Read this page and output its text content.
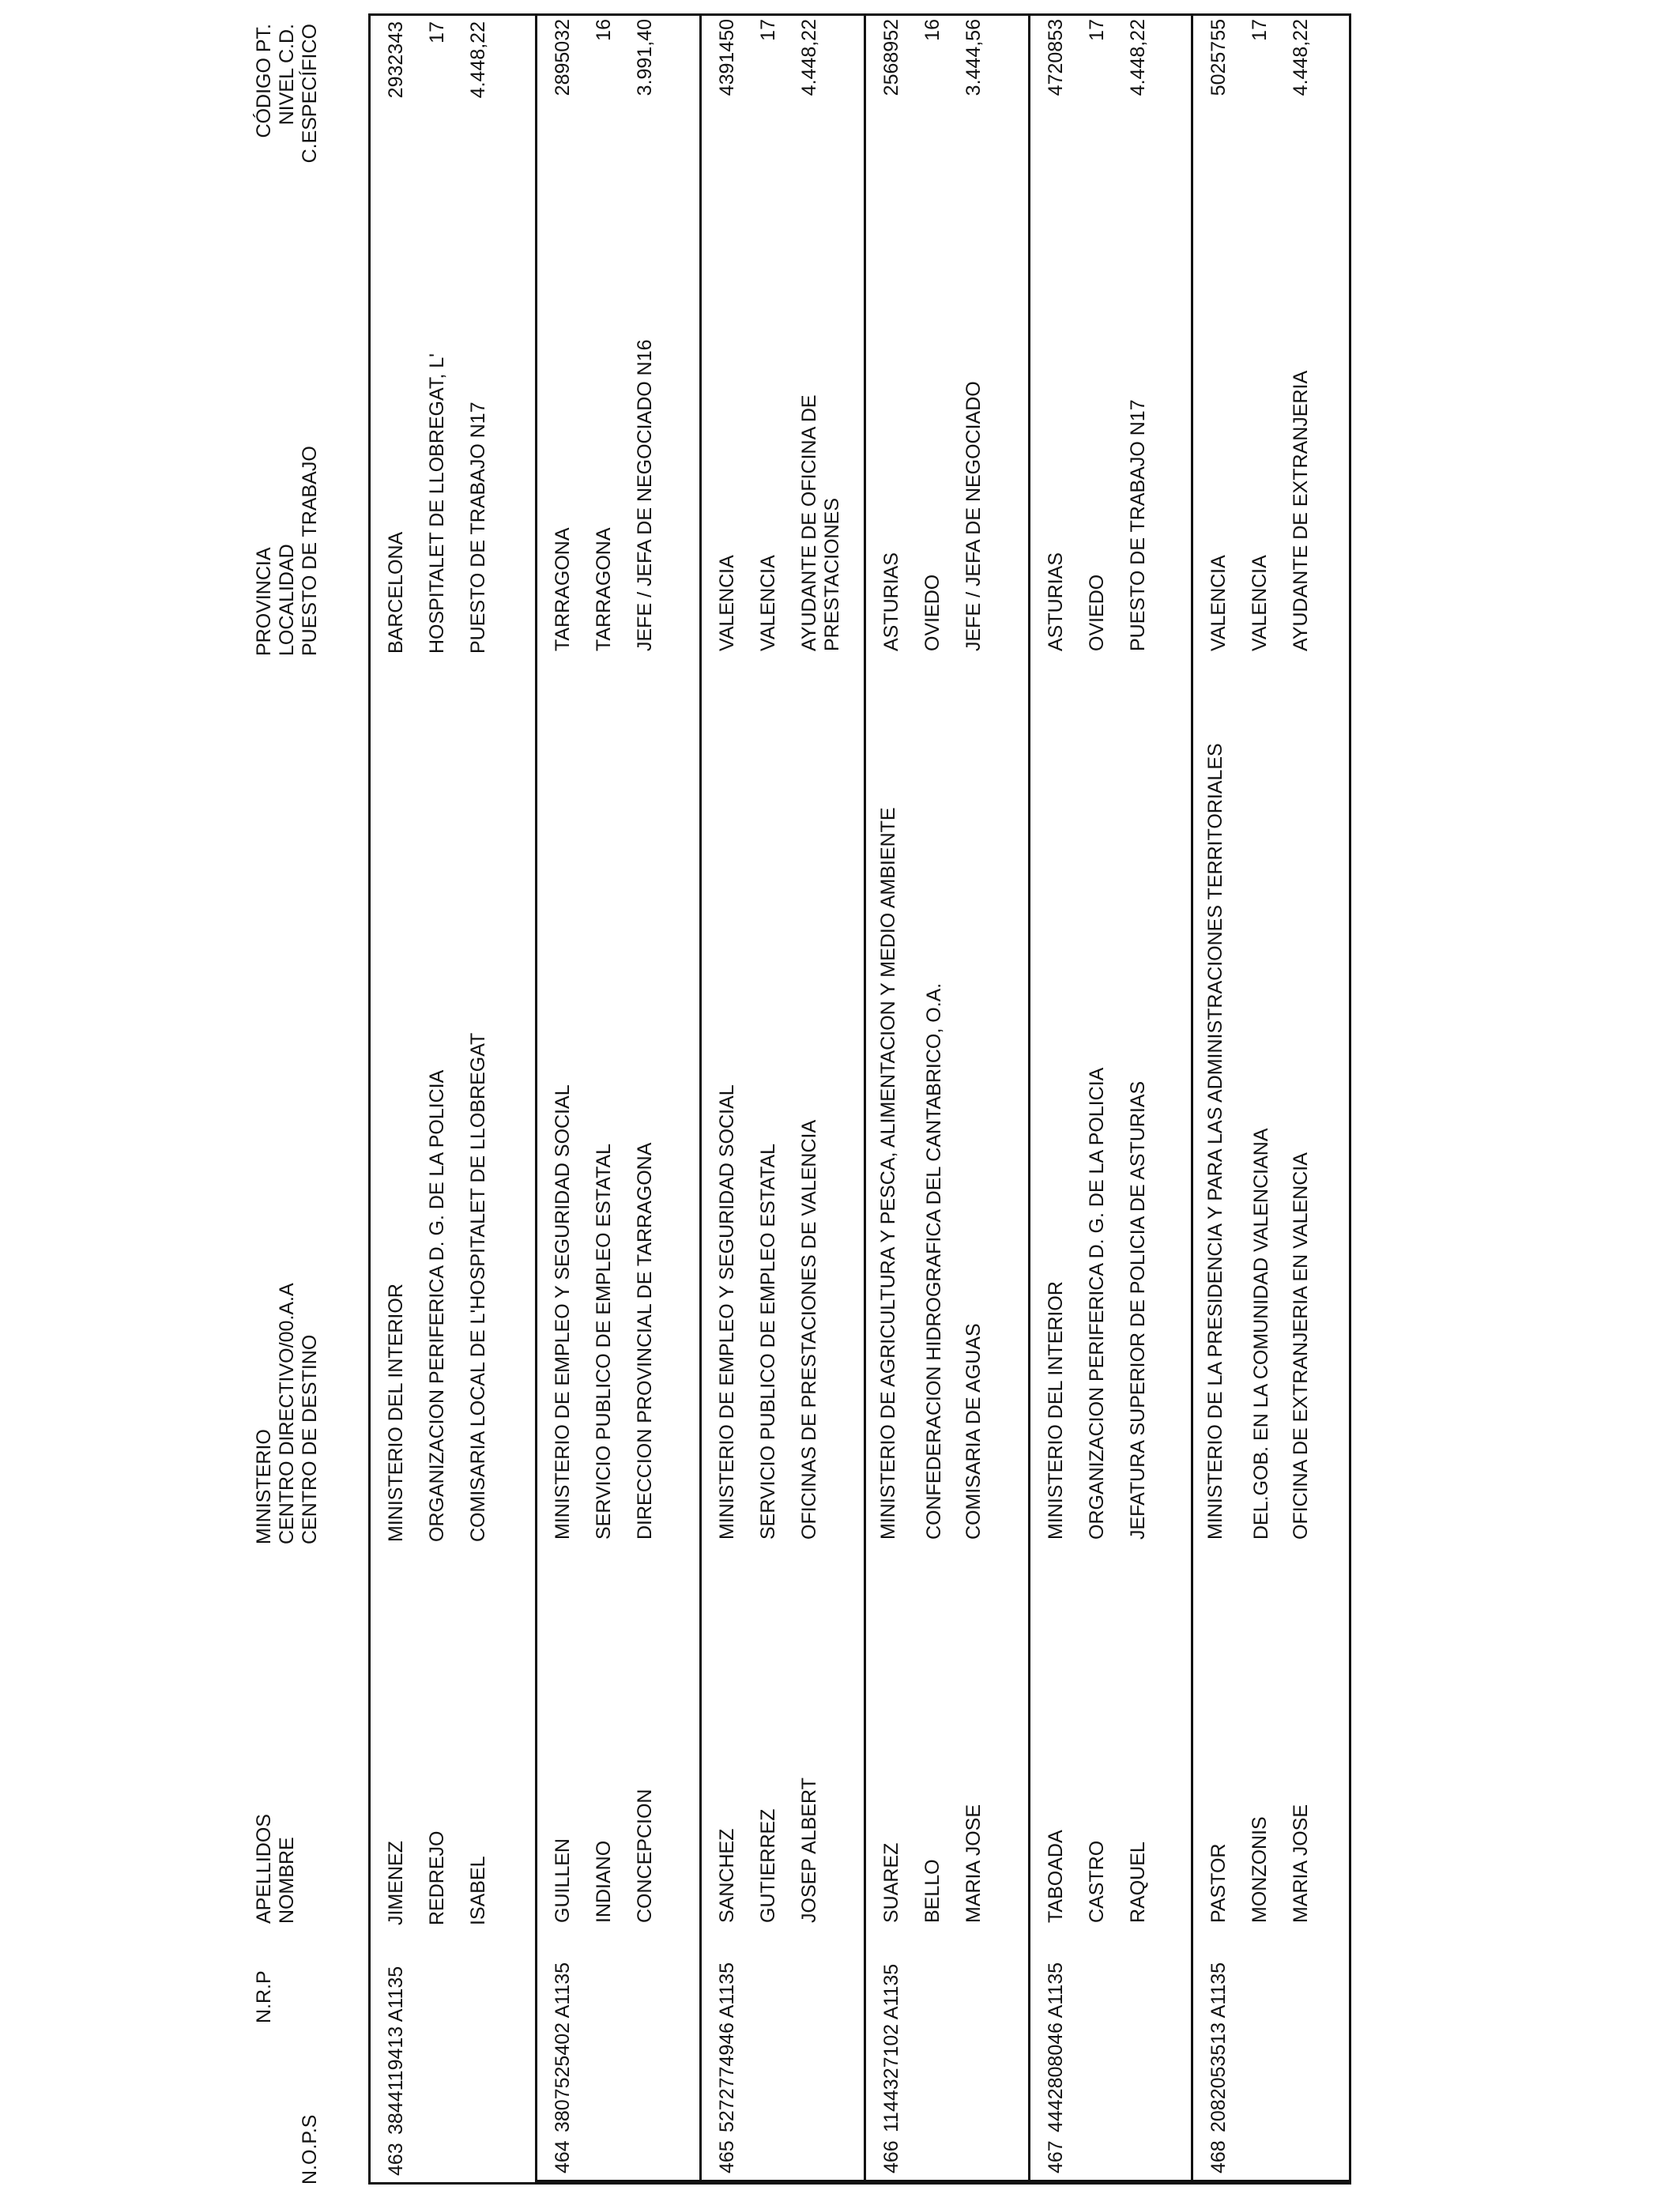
N.O.P.S
N.R.P
APELLIDOS NOMBRE
MINISTERIO CENTRO DIRECTIVO/00.A.A CENTRO DE DESTINO
PROVINCIA LOCALIDAD PUESTO DE TRABAJO
CÓDIGO PT. NIVEL C.D. C.ESPECÍFICO
463
3844119413 A1135
JIMENEZ REDREJO ISABEL
MINISTERIO DEL INTERIOR ORGANIZACION PERIFERICA D. G. DE LA POLICIA COMISARIA LOCAL DE L'HOSPITALET DE LLOBREGAT
BARCELONA HOSPITALET DE LLOBREGAT, L' PUESTO DE TRABAJO N17
2932343 17 4.448,22
464
3807525402 A1135
GUILLEN INDIANO CONCEPCION
MINISTERIO DE EMPLEO Y SEGURIDAD SOCIAL SERVICIO PUBLICO DE EMPLEO ESTATAL DIRECCION PROVINCIAL DE TARRAGONA
TARRAGONA TARRAGONA JEFE / JEFA DE NEGOCIADO N16
2895032 16 3.991,40
465
5272774946 A1135
SANCHEZ GUTIERREZ JOSEP ALBERT
MINISTERIO DE EMPLEO Y SEGURIDAD SOCIAL SERVICIO PUBLICO DE EMPLEO ESTATAL OFICINAS DE PRESTACIONES DE VALENCIA
VALENCIA VALENCIA AYUDANTE DE OFICINA DE PRESTACIONES
4391450 17 4.448,22
466
1144327102 A1135
SUAREZ BELLO MARIA JOSE
MINISTERIO DE AGRICULTURA Y PESCA, ALIMENTACION Y MEDIO AMBIENTE CONFEDERACION HIDROGRAFICA DEL CANTABRICO, O.A. COMISARIA DE AGUAS
ASTURIAS OVIEDO JEFE / JEFA DE NEGOCIADO
2568952 16 3.444,56
467
4442808046 A1135
TABOADA CASTRO RAQUEL
MINISTERIO DEL INTERIOR ORGANIZACION PERIFERICA D. G. DE LA POLICIA JEFATURA SUPERIOR DE POLICIA DE ASTURIAS
ASTURIAS OVIEDO PUESTO DE TRABAJO N17
4720853 17 4.448,22
468
2082053513 A1135
PASTOR MONZONIS MARIA JOSE
MINISTERIO DE LA PRESIDENCIA Y PARA LAS ADMINISTRACIONES TERRITORIALES DEL.GOB. EN LA COMUNIDAD VALENCIANA OFICINA DE EXTRANJERIA EN VALENCIA
VALENCIA VALENCIA AYUDANTE DE EXTRANJERIA
5025755 17 4.448,22
